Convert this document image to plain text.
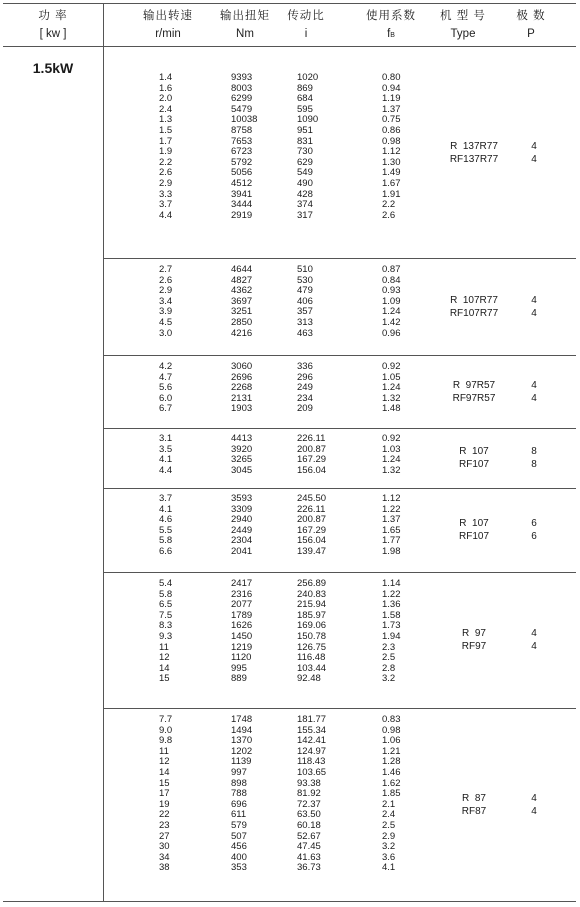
功 率
[ kw ]
输出转速
r/min
输出扭矩
Nm
传动比
i
使用系数
fB
机 型 号
Type
极 数
P
1.5kW
1.4
1.6
2.0
2.4
1.3
1.5
1.7
1.9
2.2
2.6
2.9
3.3
3.7
4.4
9393
8003
6299
5479
10038
8758
7653
6723
5792
5056
4512
3941
3444
2919
1020
869
684
595
1090
951
831
730
629
549
490
428
374
317
0.80
0.94
1.19
1.37
0.75
0.86
0.98
1.12
1.30
1.49
1.67
1.91
2.2
2.6
R  137R77
RF137R77
4
4
2.7
2.6
2.9
3.4
3.9
4.5
3.0
4644
4827
4362
3697
3251
2850
4216
510
530
479
406
357
313
463
0.87
0.84
0.93
1.09
1.24
1.42
0.96
R  107R77
RF107R77
4
4
4.2
4.7
5.6
6.0
6.7
3060
2696
2268
2131
1903
336
296
249
234
209
0.92
1.05
1.24
1.32
1.48
R  97R57
RF97R57
4
4
3.1
3.5
4.1
4.4
4413
3920
3265
3045
226.11
200.87
167.29
156.04
0.92
1.03
1.24
1.32
R  107
RF107
8
8
3.7
4.1
4.6
5.5
5.8
6.6
3593
3309
2940
2449
2304
2041
245.50
226.11
200.87
167.29
156.04
139.47
1.12
1.22
1.37
1.65
1.77
1.98
R  107
RF107
6
6
5.4
5.8
6.5
7.5
8.3
9.3
11
12
14
15
2417
2316
2077
1789
1626
1450
1219
1120
995
889
256.89
240.83
215.94
185.97
169.06
150.78
126.75
116.48
103.44
92.48
1.14
1.22
1.36
1.58
1.73
1.94
2.3
2.5
2.8
3.2
R  97
RF97
4
4
7.7
9.0
9.8
11
12
14
15
17
19
22
23
27
30
34
38
1748
1494
1370
1202
1139
997
898
788
696
611
579
507
456
400
353
181.77
155.34
142.41
124.97
118.43
103.65
93.38
81.92
72.37
63.50
60.18
52.67
47.45
41.63
36.73
0.83
0.98
1.06
1.21
1.28
1.46
1.62
1.85
2.1
2.4
2.5
2.9
3.2
3.6
4.1
R  87
RF87
4
4
